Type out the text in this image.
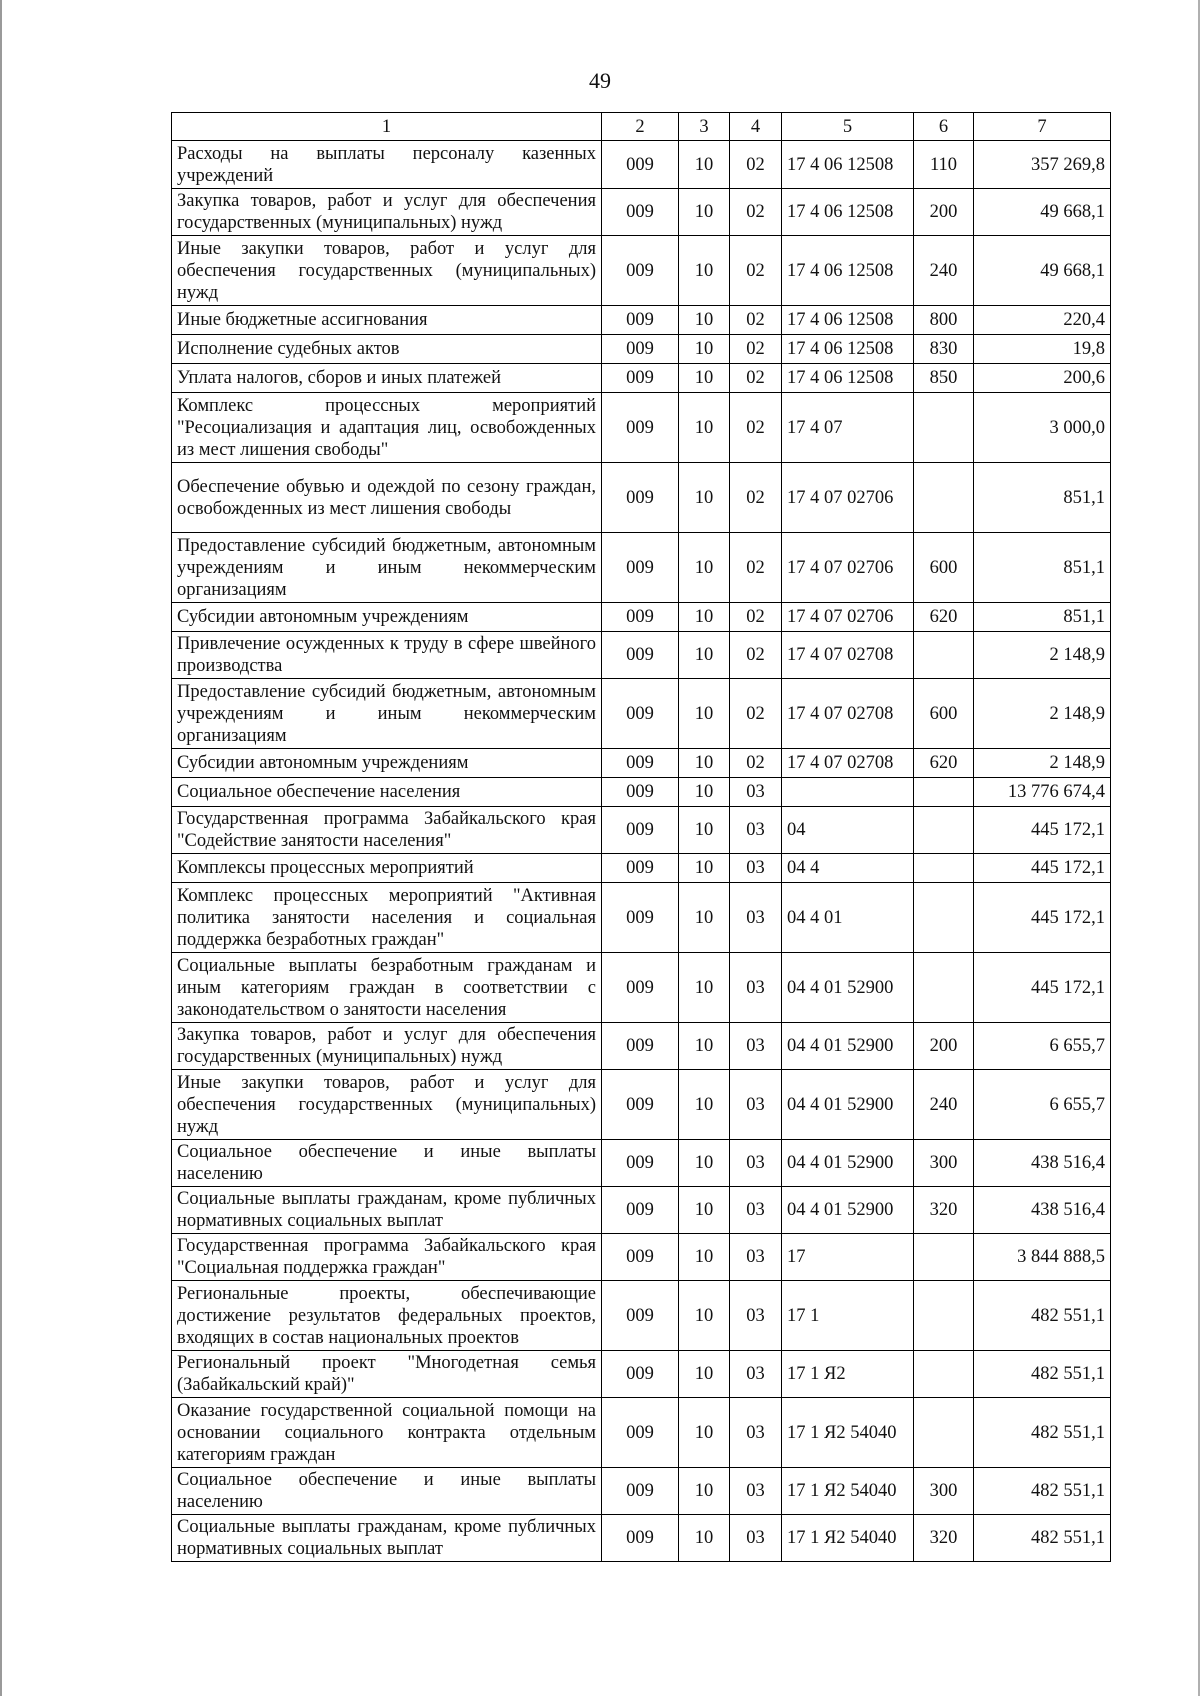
49
1	2	3	4	5	6	7
Расходы на выплаты персоналу казенных учреждений	009	10	02	17 4 06 12508	110	357 269,8
Закупка товаров, работ и услуг для обеспечения государственных (муниципальных) нужд	009	10	02	17 4 06 12508	200	49 668,1
Иные закупки товаров, работ и услуг для обеспечения государственных (муниципальных) нужд	009	10	02	17 4 06 12508	240	49 668,1
Иные бюджетные ассигнования	009	10	02	17 4 06 12508	800	220,4
Исполнение судебных актов	009	10	02	17 4 06 12508	830	19,8
Уплата налогов, сборов и иных платежей	009	10	02	17 4 06 12508	850	200,6
Комплекс процессных мероприятий "Ресоциализация и адаптация лиц, освобожденных из мест лишения свободы"	009	10	02	17 4 07		3 000,0
Обеспечение обувью и одеждой по сезону граждан, освобожденных из мест лишения свободы	009	10	02	17 4 07 02706		851,1
Предоставление субсидий бюджетным, автономным учреждениям и иным некоммерческим организациям	009	10	02	17 4 07 02706	600	851,1
Субсидии автономным учреждениям	009	10	02	17 4 07 02706	620	851,1
Привлечение осужденных к труду в сфере швейного производства	009	10	02	17 4 07 02708		2 148,9
Предоставление субсидий бюджетным, автономным учреждениям и иным некоммерческим организациям	009	10	02	17 4 07 02708	600	2 148,9
Субсидии автономным учреждениям	009	10	02	17 4 07 02708	620	2 148,9
Социальное обеспечение населения	009	10	03			13 776 674,4
Государственная программа Забайкальского края "Содействие занятости населения"	009	10	03	04		445 172,1
Комплексы процессных мероприятий	009	10	03	04 4		445 172,1
Комплекс процессных мероприятий "Активная политика занятости населения и социальная поддержка безработных граждан"	009	10	03	04 4 01		445 172,1
Социальные выплаты безработным гражданам и иным категориям граждан в соответствии с законодательством о занятости населения	009	10	03	04 4 01 52900		445 172,1
Закупка товаров, работ и услуг для обеспечения государственных (муниципальных) нужд	009	10	03	04 4 01 52900	200	6 655,7
Иные закупки товаров, работ и услуг для обеспечения государственных (муниципальных) нужд	009	10	03	04 4 01 52900	240	6 655,7
Социальное обеспечение и иные выплаты населению	009	10	03	04 4 01 52900	300	438 516,4
Социальные выплаты гражданам, кроме публичных нормативных социальных выплат	009	10	03	04 4 01 52900	320	438 516,4
Государственная программа Забайкальского края "Социальная поддержка граждан"	009	10	03	17		3 844 888,5
Региональные проекты, обеспечивающие достижение результатов федеральных проектов, входящих в состав национальных проектов	009	10	03	17 1		482 551,1
Региональный проект "Многодетная семья (Забайкальский край)"	009	10	03	17 1 Я2		482 551,1
Оказание государственной социальной помощи на основании социального контракта отдельным категориям граждан	009	10	03	17 1 Я2 54040		482 551,1
Социальное обеспечение и иные выплаты населению	009	10	03	17 1 Я2 54040	300	482 551,1
Социальные выплаты гражданам, кроме публичных нормативных социальных выплат	009	10	03	17 1 Я2 54040	320	482 551,1
